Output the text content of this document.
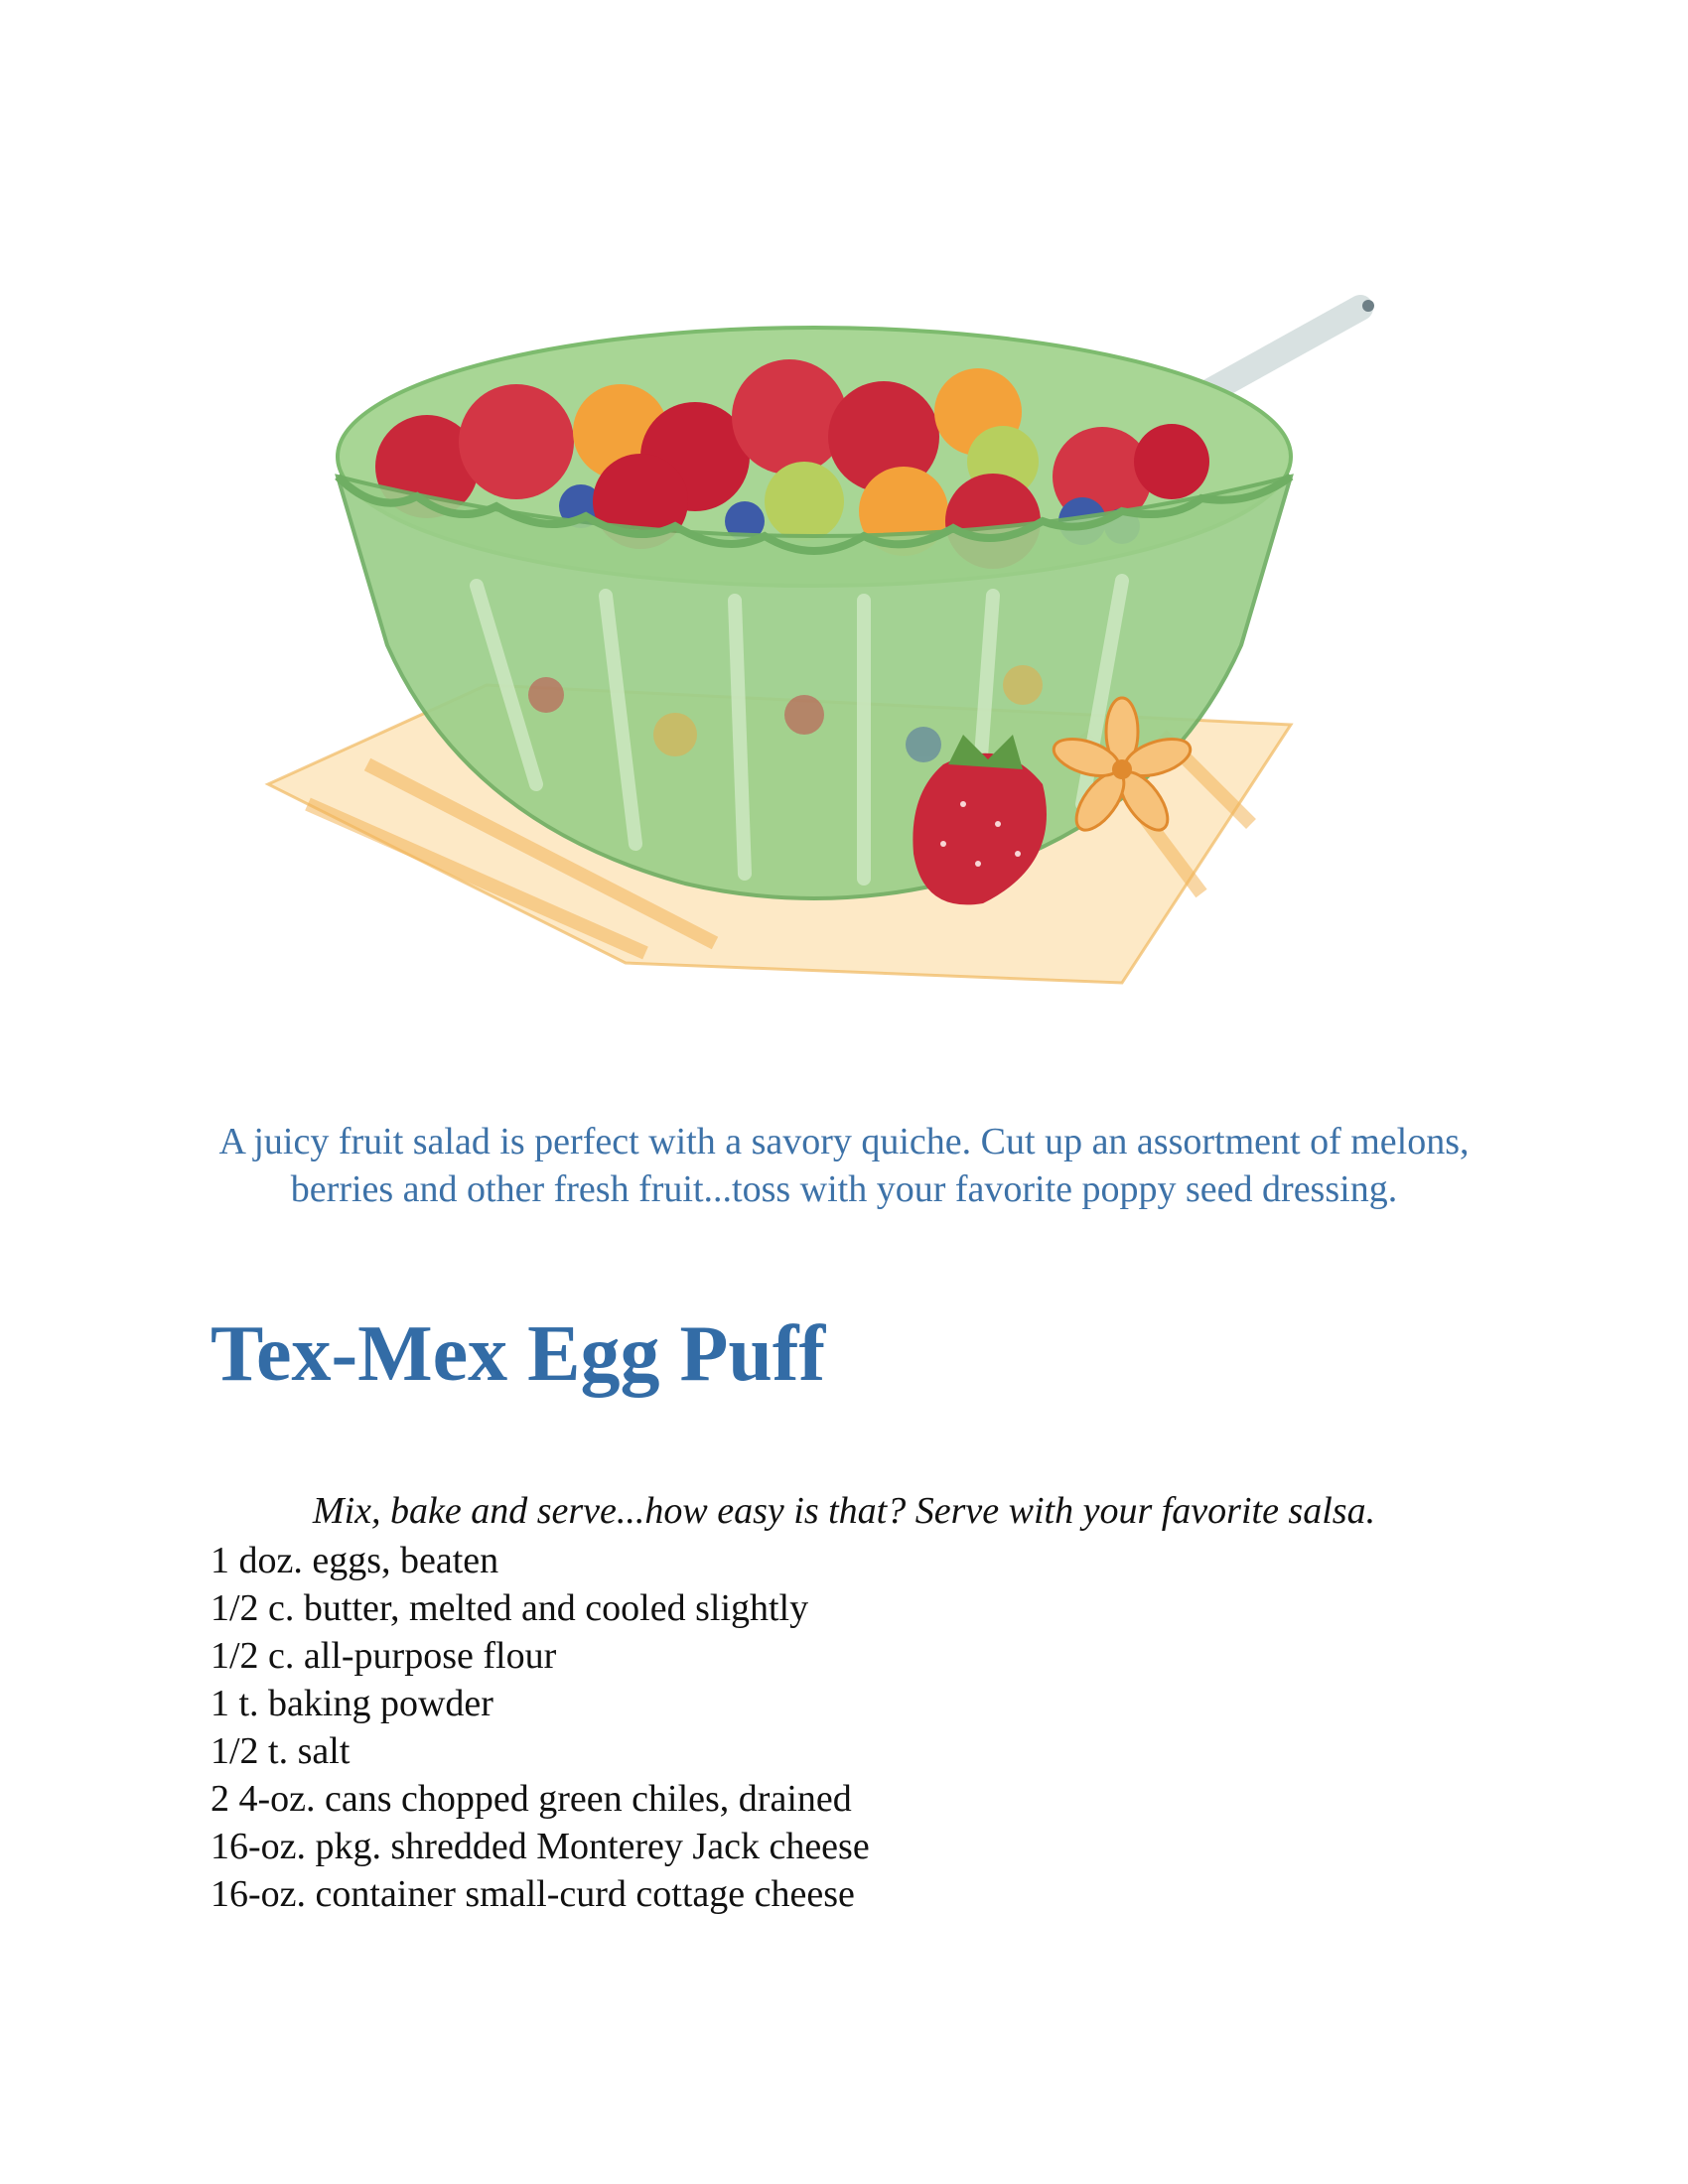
A juicy fruit salad is perfect with a savory quiche. Cut up an assortment of melons, berries and other fresh fruit...toss with your favorite poppy seed dressing.

Tex-Mex Egg Puff

Mix, bake and serve...how easy is that? Serve with your favorite salsa.

1 doz. eggs, beaten
1/2 c. butter, melted and cooled slightly
1/2 c. all-purpose flour
1 t. baking powder
1/2 t. salt
2 4-oz. cans chopped green chiles, drained
16-oz. pkg. shredded Monterey Jack cheese
16-oz. container small-curd cottage cheese
